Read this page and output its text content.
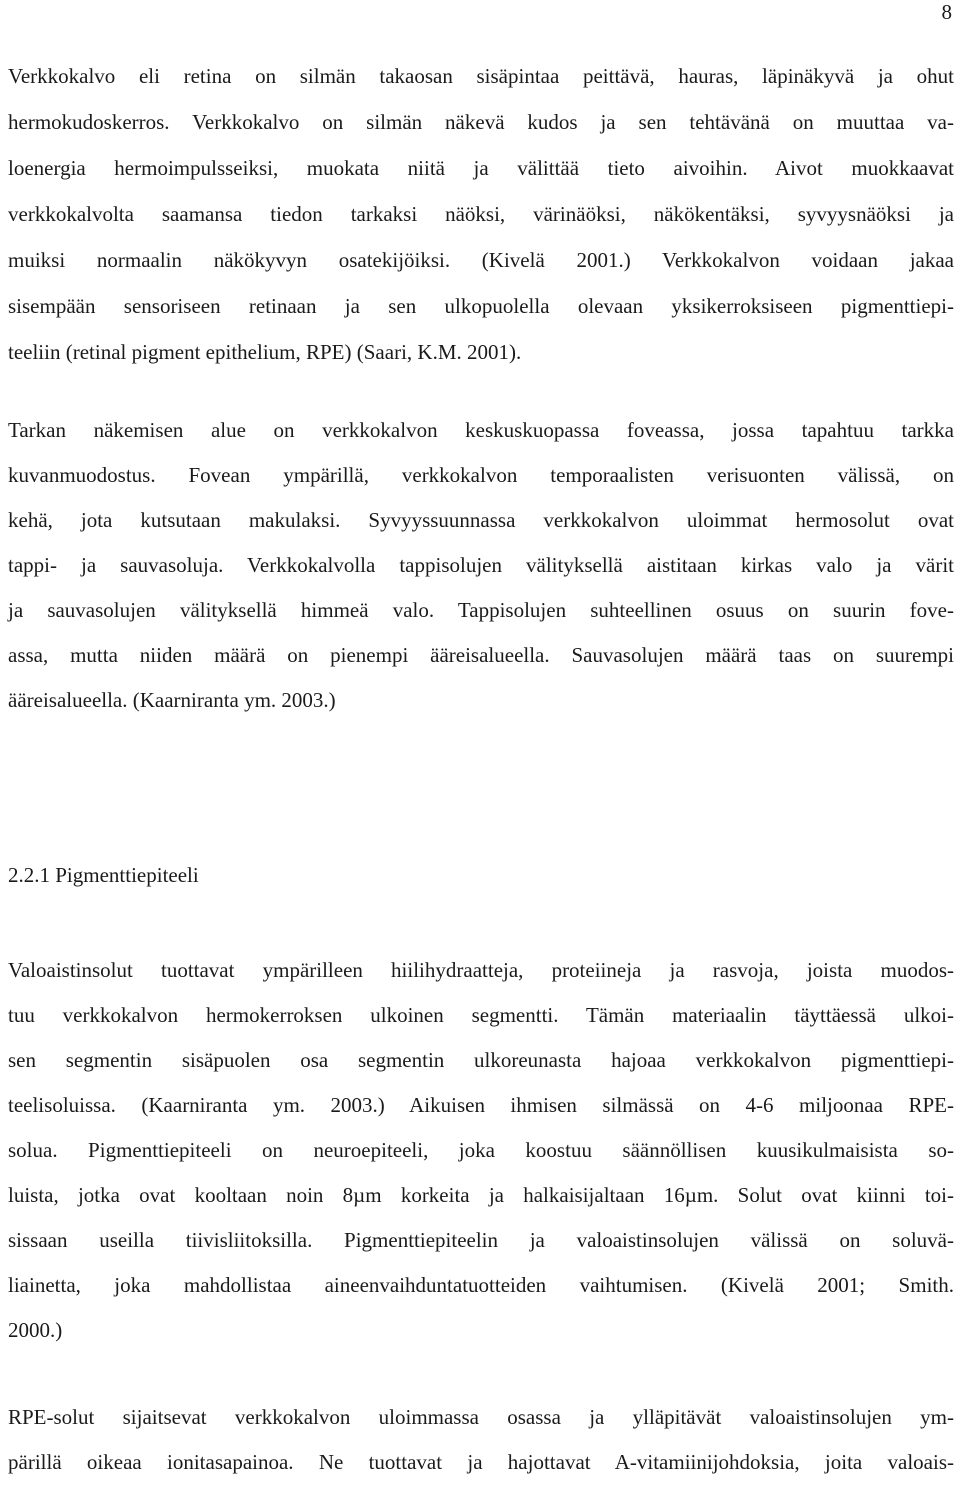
8
Verkkokalvo eli retina on silmän takaosan sisäpintaa peittävä, hauras, läpinäkyvä ja ohut
hermokudoskerros. Verkkokalvo on silmän näkevä kudos ja sen tehtävänä on muuttaa va-
loenergia hermoimpulsseiksi, muokata niitä ja välittää tieto aivoihin. Aivot muokkaavat
verkkokalvolta saamansa tiedon tarkaksi näöksi, värinäöksi, näkökentäksi, syvyysnäöksi ja
muiksi normaalin näkökyvyn osatekijöiksi. (Kivelä 2001.) Verkkokalvon voidaan jakaa
sisempään sensoriseen retinaan ja sen ulkopuolella olevaan yksikerroksiseen pigmenttiepi-
teeliin (retinal pigment epithelium, RPE) (Saari, K.M. 2001).
Tarkan näkemisen alue on verkkokalvon keskuskuopassa foveassa, jossa tapahtuu tarkka
kuvanmuodostus. Fovean ympärillä, verkkokalvon temporaalisten verisuonten välissä, on
kehä, jota kutsutaan makulaksi. Syvyyssuunnassa verkkokalvon uloimmat hermosolut ovat
tappi- ja sauvasoluja. Verkkokalvolla tappisolujen välityksellä aistitaan kirkas valo ja värit
ja sauvasolujen välityksellä himmeä valo. Tappisolujen suhteellinen osuus on suurin fove-
assa, mutta niiden määrä on pienempi ääreisalueella. Sauvasolujen määrä taas on suurempi
ääreisalueella. (Kaarniranta ym. 2003.)
2.2.1 Pigmenttiepiteeli
Valoaistinsolut tuottavat ympärilleen hiilihydraatteja, proteiineja ja rasvoja, joista muodos-
tuu verkkokalvon hermokerroksen ulkoinen segmentti. Tämän materiaalin täyttäessä ulkoi-
sen segmentin sisäpuolen osa segmentin ulkoreunasta hajoaa verkkokalvon pigmenttiepi-
teelisoluissa. (Kaarniranta ym. 2003.) Aikuisen ihmisen silmässä on 4-6 miljoonaa RPE-
solua. Pigmenttiepiteeli on neuroepiteeli, joka koostuu säännöllisen kuusikulmaisista so-
luista, jotka ovat kooltaan noin 8µm korkeita ja halkaisijaltaan 16µm. Solut ovat kiinni toi-
sissaan useilla tiivisliitoksilla. Pigmenttiepiteelin ja valoaistinsolujen välissä on soluvä-
liainetta, joka mahdollistaa aineenvaihduntatuotteiden vaihtumisen. (Kivelä 2001; Smith.
2000.)
RPE-solut sijaitsevat verkkokalvon uloimmassa osassa ja ylläpitävät valoaistinsolujen ym-
pärillä oikeaa ionitasapainoa. Ne tuottavat ja hajottavat A-vitamiinijohdoksia, joita valoais-
